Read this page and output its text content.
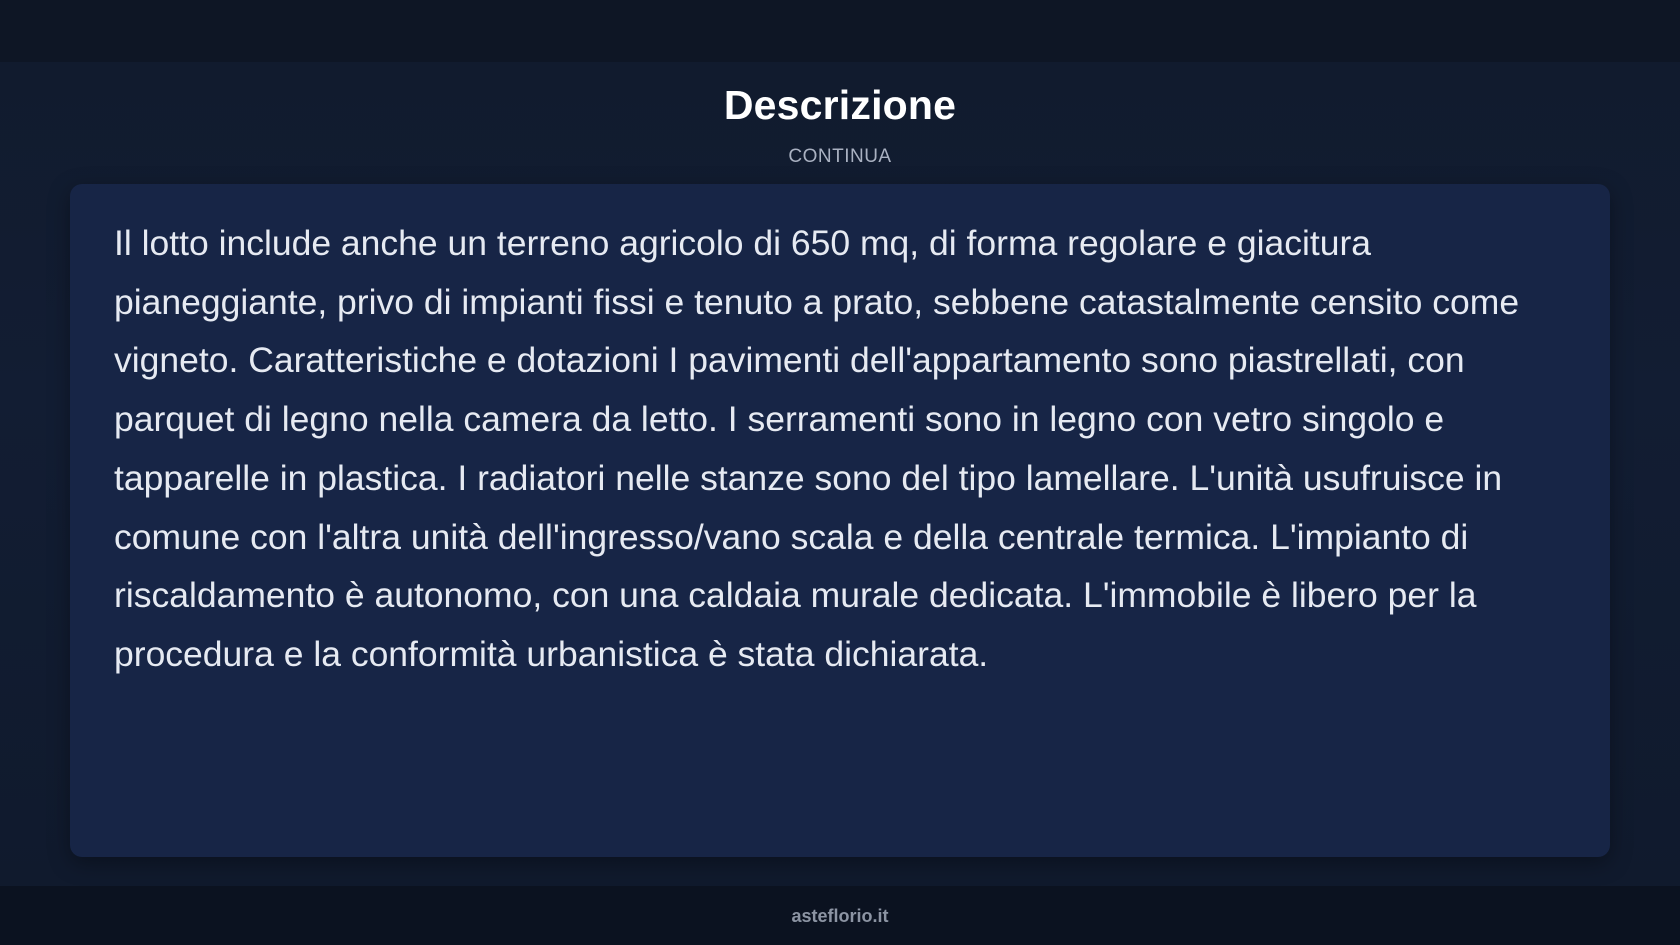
Descrizione
CONTINUA

Il lotto include anche un terreno agricolo di 650 mq, di forma regolare e giacitura pianeggiante, privo di impianti fissi e tenuto a prato, sebbene catastalmente censito come vigneto. Caratteristiche e dotazioni I pavimenti dell'appartamento sono piastrellati, con parquet di legno nella camera da letto. I serramenti sono in legno con vetro singolo e tapparelle in plastica. I radiatori nelle stanze sono del tipo lamellare. L'unità usufruisce in comune con l'altra unità dell'ingresso/vano scala e della centrale termica. L'impianto di riscaldamento è autonomo, con una caldaia murale dedicata. L'immobile è libero per la procedura e la conformità urbanistica è stata dichiarata.

asteflorio.it
